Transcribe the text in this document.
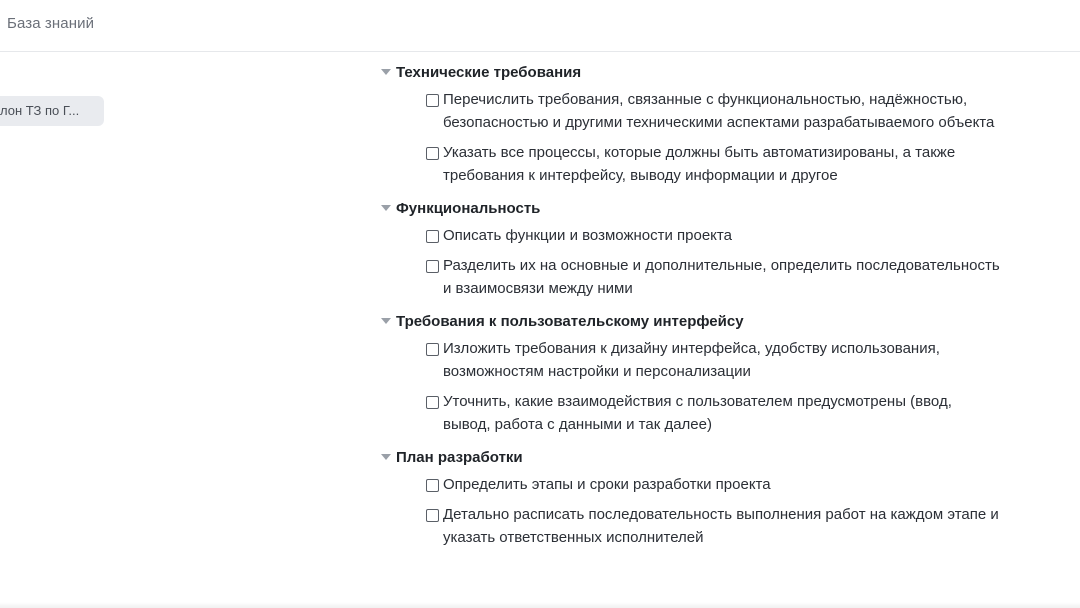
База знаний
лон ТЗ по Г...
Технические требования
Перечислить требования, связанные с функциональностью, надёжностью, безопасностью и другими техническими аспектами разрабатываемого объекта
Указать все процессы, которые должны быть автоматизированы, а также требования к интерфейсу, выводу информации и другое
Функциональность
Описать функции и возможности проекта
Разделить их на основные и дополнительные, определить последовательность и взаимосвязи между ними
Требования к пользовательскому интерфейсу
Изложить требования к дизайну интерфейса, удобству использования, возможностям настройки и персонализации
Уточнить, какие взаимодействия с пользователем предусмотрены (ввод, вывод, работа с данными и так далее)
План разработки
Определить этапы и сроки разработки проекта
Детально расписать последовательность выполнения работ на каждом этапе и указать ответственных исполнителей
